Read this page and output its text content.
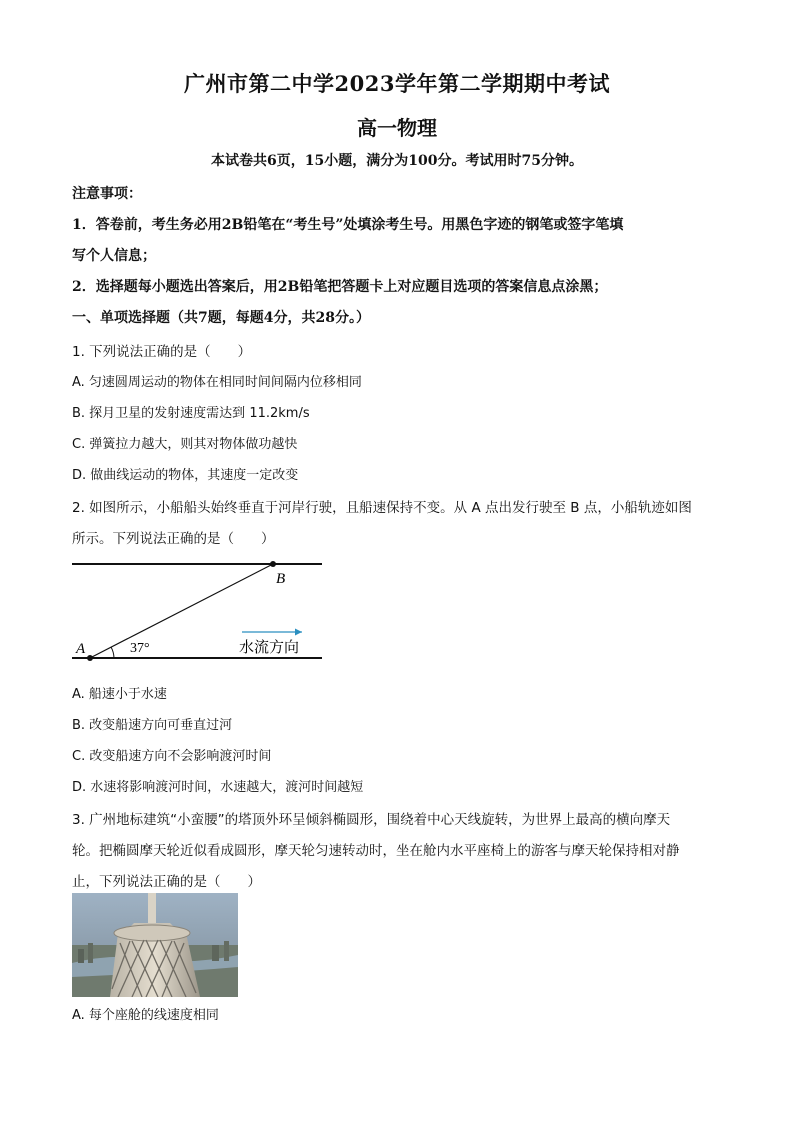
广州市第二中学2023学年第二学期期中考试
高一物理
本试卷共6页，15小题，满分为100分。考试用时75分钟。
注意事项：
1．答卷前，考生务必用2B铅笔在“考生号”处填涂考生号。用黑色字迹的钢笔或签字笔填
写个人信息；
2．选择题每小题选出答案后，用2B铅笔把答题卡上对应题目选项的答案信息点涂黑；
一、单项选择题（共7题，每题4分，共28分。）
1. 下列说法正确的是（　　）
A. 匀速圆周运动的物体在相同时间间隔内位移相同
B. 探月卫星的发射速度需达到 11.2km/s
C. 弹簧拉力越大，则其对物体做功越快
D. 做曲线运动的物体，其速度一定改变
2. 如图所示，小船船头始终垂直于河岸行驶，且船速保持不变。从 A 点出发行驶至 B 点，小船轨迹如图
所示。下列说法正确的是（　　）
A
B
37°	水流方向
A. 船速小于水速
B. 改变船速方向可垂直过河
C. 改变船速方向不会影响渡河时间
D. 水速将影响渡河时间，水速越大，渡河时间越短
3. 广州地标建筑“小蛮腰”的塔顶外环呈倾斜椭圆形，围绕着中心天线旋转，为世界上最高的横向摩天
轮。把椭圆摩天轮近似看成圆形，摩天轮匀速转动时，坐在舱内水平座椅上的游客与摩天轮保持相对静
止，下列说法正确的是（　　）
A. 每个座舱的线速度相同
